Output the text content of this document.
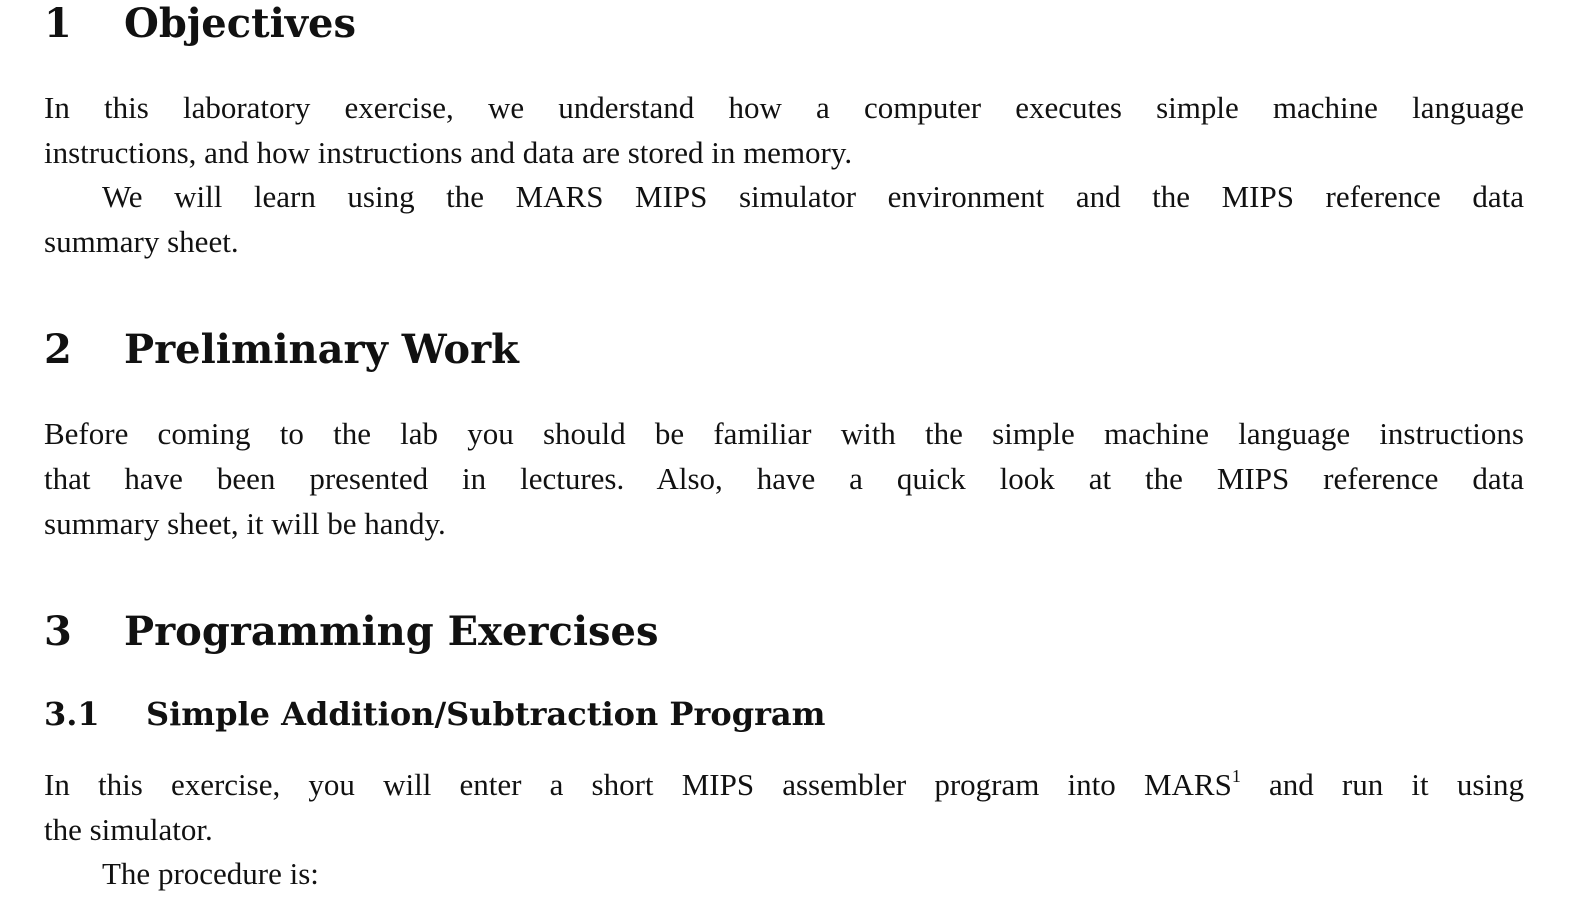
1 Objectives

In this laboratory exercise, we understand how a computer executes simple machine language
instructions, and how instructions and data are stored in memory.

We will learn using the MARS MIPS simulator environment and the MIPS reference data
summary sheet.

2 Preliminary Work

Before coming to the lab you should be familiar with the simple machine language instructions
that have been presented in lectures. Also, have a quick look at the MIPS reference data
summary sheet, it will be handy.

3 Programming Exercises
3.1 Simple Addition/Subtraction Program

In this exercise, you will enter a short MIPS assembler program into MARS$^1$ and run it using
the simulator.

The procedure is:
